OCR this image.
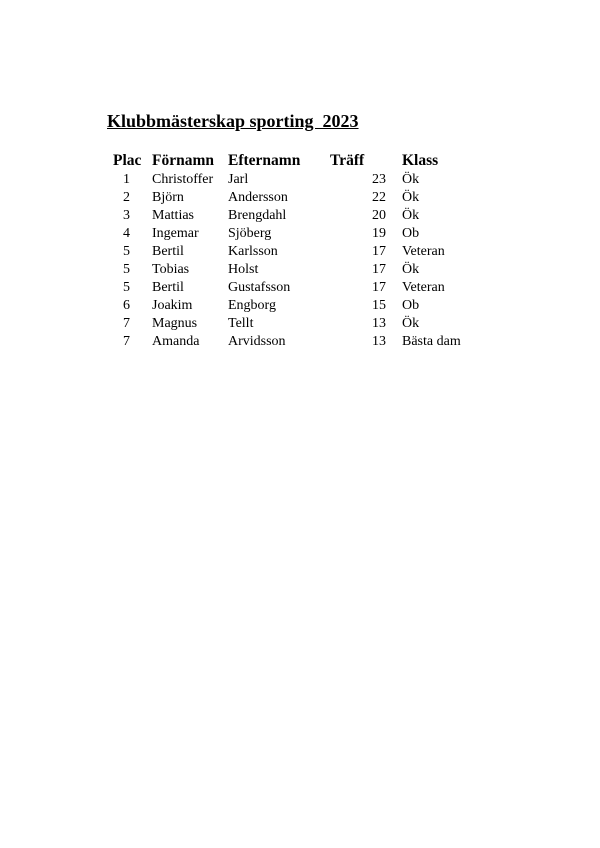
Klubbmästerskap sporting  2023
Plac	Förnamn	Efternamn	Träff	Klass
1	Christoffer	Jarl	23	Ök
2	Björn	Andersson	22	Ök
3	Mattias	Brengdahl	20	Ök
4	Ingemar	Sjöberg	19	Ob
5	Bertil	Karlsson	17	Veteran
5	Tobias	Holst	17	Ök
5	Bertil	Gustafsson	17	Veteran
6	Joakim	Engborg	15	Ob
7	Magnus	Tellt	13	Ök
7	Amanda	Arvidsson	13	Bästa dam
